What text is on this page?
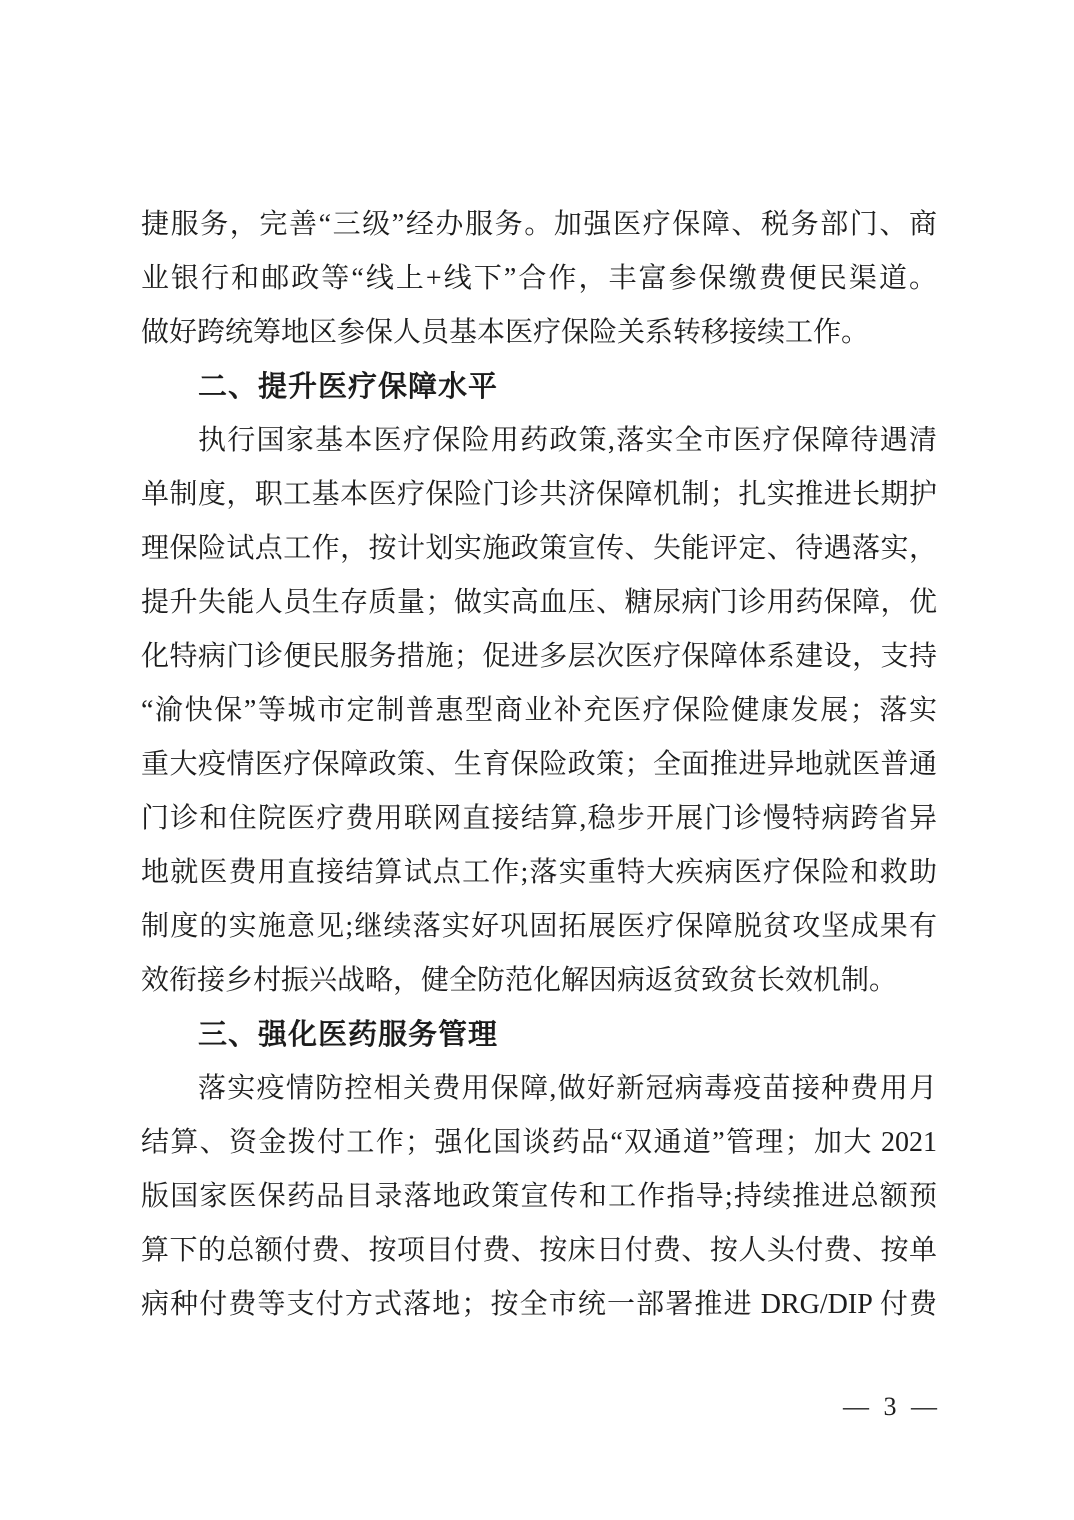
捷服务，完善“三级”经办服务。加强医疗保障、税务部门、商
业银行和邮政等“线上+线下”合作，丰富参保缴费便民渠道。
做好跨统筹地区参保人员基本医疗保险关系转移接续工作。
二、提升医疗保障水平
执行国家基本医疗保险用药政策,落实全市医疗保障待遇清
单制度，职工基本医疗保险门诊共济保障机制；扎实推进长期护
理保险试点工作，按计划实施政策宣传、失能评定、待遇落实，
提升失能人员生存质量；做实高血压、糖尿病门诊用药保障，优
化特病门诊便民服务措施；促进多层次医疗保障体系建设，支持
“渝快保”等城市定制普惠型商业补充医疗保险健康发展；落实
重大疫情医疗保障政策、生育保险政策；全面推进异地就医普通
门诊和住院医疗费用联网直接结算,稳步开展门诊慢特病跨省异
地就医费用直接结算试点工作;落实重特大疾病医疗保险和救助
制度的实施意见;继续落实好巩固拓展医疗保障脱贫攻坚成果有
效衔接乡村振兴战略，健全防范化解因病返贫致贫长效机制。
三、强化医药服务管理
落实疫情防控相关费用保障,做好新冠病毒疫苗接种费用月
结算、资金拨付工作；强化国谈药品“双通道”管理；加大 2021
版国家医保药品目录落地政策宣传和工作指导;持续推进总额预
算下的总额付费、按项目付费、按床日付费、按人头付费、按单
病种付费等支付方式落地；按全市统一部署推进 DRG/DIP 付费
— 3 —
